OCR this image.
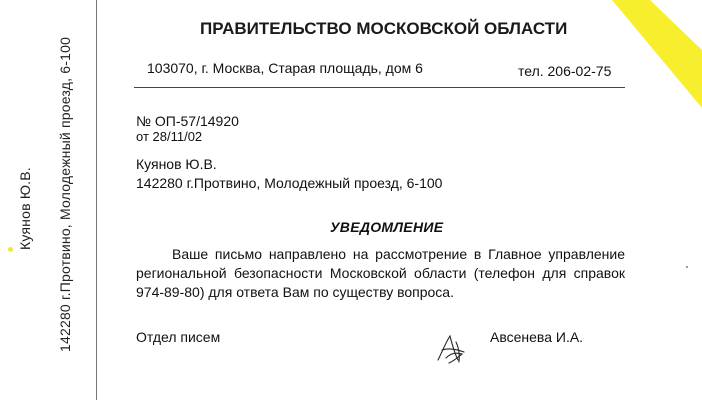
Куянов Ю.В. 142280 г.Протвино, Молодежный проезд, 6-100
ПРАВИТЕЛЬСТВО МОСКОВСКОЙ ОБЛАСТИ
103070, г. Москва, Старая площадь, дом 6	тел. 206-02-75
№ ОП-57/14920
от 28/11/02
Куянов Ю.В.
142280 г.Протвино, Молодежный проезд, 6-100
УВЕДОМЛЕНИЕ
Ваше письмо направлено на рассмотрение в Главное управление региональной безопасности Московской области (телефон для справок 974-89-80) для ответа Вам по существу вопроса.
Отдел писем	Авсенева И.А.
